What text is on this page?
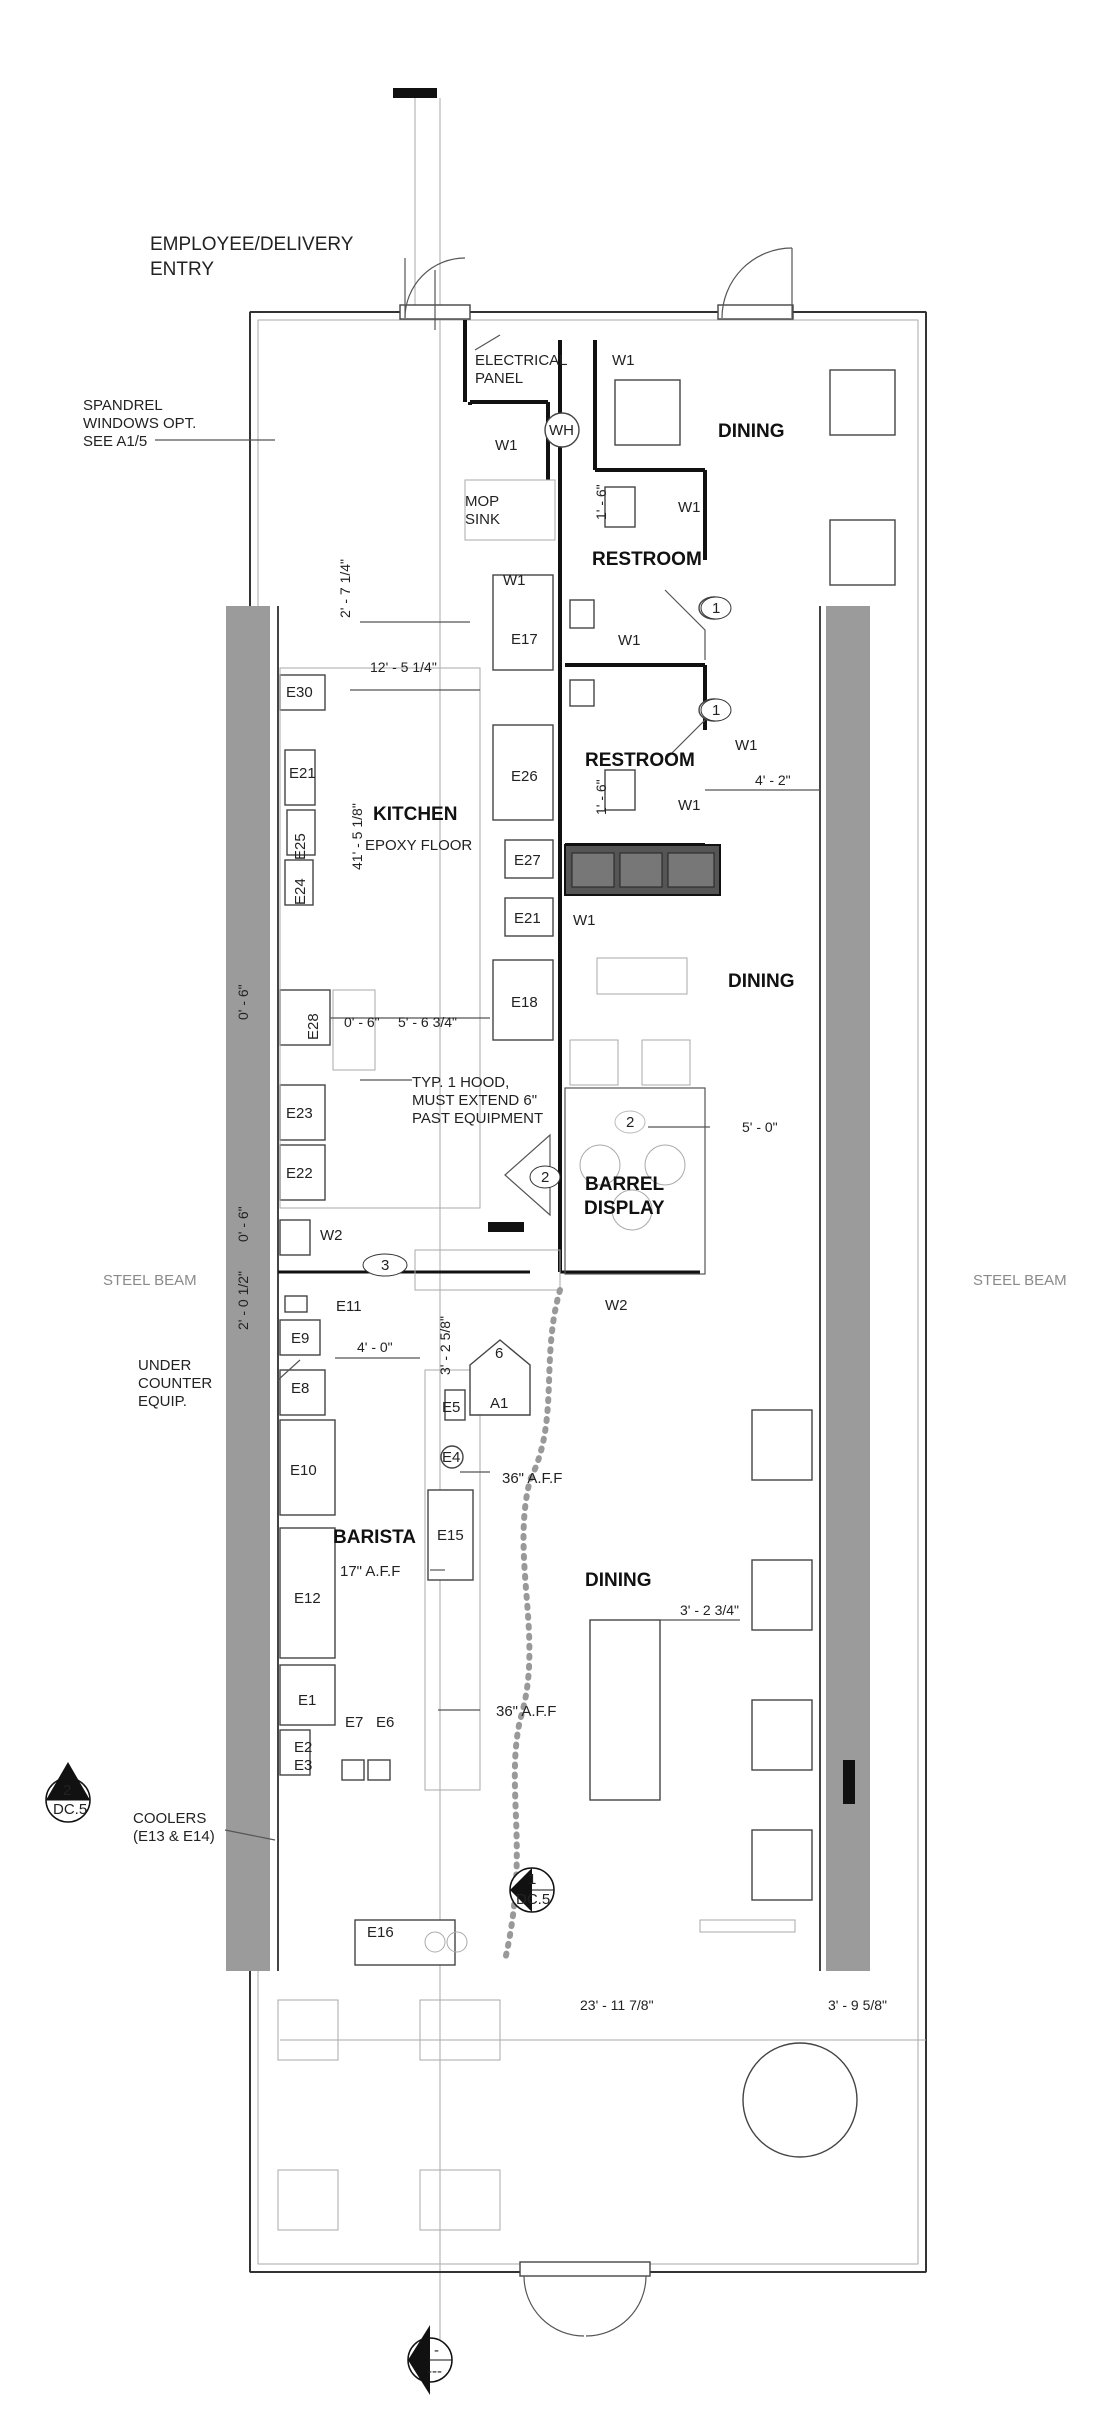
EMPLOYEE/DELIVERY
ENTRY
SPANDREL
WINDOWS OPT.
SEE A1/5
ELECTRICAL
PANEL
MOP
SINK
TYP. 1 HOOD,
MUST EXTEND 6"
PAST EQUIPMENT
UNDER
COUNTER
EQUIP.
COOLERS
(E13 & E14)
EPOXY FLOOR
36" A.F.F
36" A.F.F
17" A.F.F
STEEL BEAM	STEEL BEAM
DINING
DINING
DINING
RESTROOM
RESTROOM
KITCHEN
BARREL
DISPLAY
BARISTA
2' - 7 1/4"
12' - 5 1/4"
41' - 5 1/8"
1' - 6"
1' - 6"	4' - 2"
0' - 6"
0' - 6"
0' - 6" 5' - 6 3/4"
5' - 0"
2' - 0 1/2"
3' - 2 5/8"
4' - 0"
3' - 2 3/4"
23' - 11 7/8"	3' - 9 5/8"
W1
WH
W1
W1
W1
W1
W1
W1
W1
W2
W2
E17
E26
E27
E21
E18
E30
E21
E25
E24
E28
E23
E22
E11
E9
E8
E5
E4
A1
E10
E15
E12
E1
E7 E6
E2
E3
E16
1
1
2
2
3
6
2
DC.5
1
DC.5
-
---
